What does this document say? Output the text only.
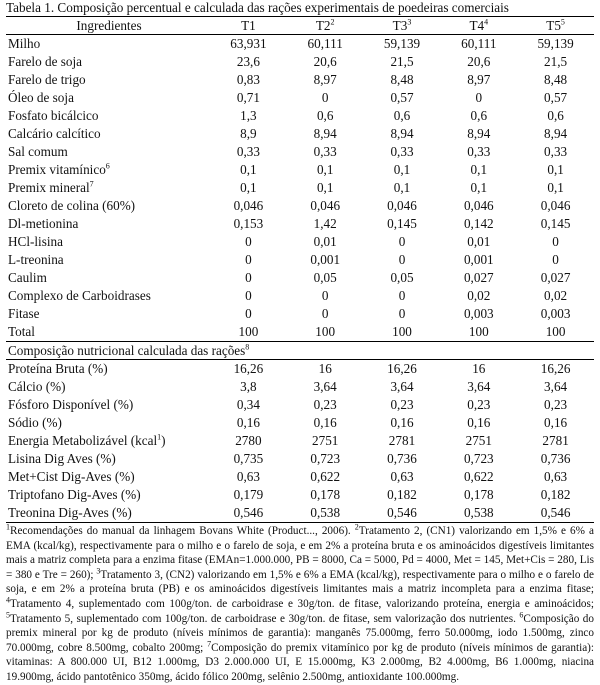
Tabela 1. Composição percentual e calculada das rações experimentais de poedeiras comerciais
Ingredientes	T1	$T2^2$	$T3^3$	$T4^4$	$T5^5$
Milho	63,931	60,111	59,139	60,111	59,139
Farelo de soja	23,6	20,6	21,5	20,6	21,5
Farelo de trigo	0,83	8,97	8,48	8,97	8,48
Óleo de soja	0,71	0	0,57	0	0,57
Fosfato bicálcico	1,3	0,6	0,6	0,6	0,6
Calcário calcítico	8,9	8,94	8,94	8,94	8,94
Sal comum	0,33	0,33	0,33	0,33	0,33
Premix vitamínico$^6$	0,1	0,1	0,1	0,1	0,1
Premix mineral$^7$	0,1	0,1	0,1	0,1	0,1
Cloreto de colina (60%)	0,046	0,046	0,046	0,046	0,046
Dl-metionina	0,153	1,42	0,145	0,142	0,145
HCl-lisina	0	0,01	0	0,01	0
L-treonina	0	0,001	0	0,001	0
Caulim	0	0,05	0,05	0,027	0,027
Complexo de Carboidrases	0	0	0	0,02	0,02
Fitase	0	0	0	0,003	0,003
Total	100	100	100	100	100
Composição nutricional calculada das rações$^8$
Proteína Bruta (%)	16,26	16	16,26	16	16,26
Cálcio (%)	3,8	3,64	3,64	3,64	3,64
Fósforo Disponível (%)	0,34	0,23	0,23	0,23	0,23
Sódio (%)	0,16	0,16	0,16	0,16	0,16
Energia Metabolizável (kcal$^1$)	2780	2751	2781	2751	2781
Lisina Dig Aves (%)	0,735	0,723	0,736	0,723	0,736
Met+Cist Dig-Aves (%)	0,63	0,622	0,63	0,622	0,63
Triptofano Dig-Aves (%)	0,179	0,178	0,182	0,178	0,182
Treonina Dig-Aves (%)	0,546	0,538	0,546	0,538	0,546
$^1$Recomendações do manual da linhagem Bovans White (Product..., 2006). $^2$Tratamento 2, (CN1) valorizando em 1,5% e 6% a EMA (kcal/kg), respectivamente para o milho e o farelo de soja, e em 2% a proteína bruta e os aminoácidos digestíveis limitantes mais a matriz completa para a enzima fitase (EMAn=1.000.000, PB = 8000, Ca = 5000, Pd = 4000, Met = 145, Met+Cis = 280, Lis = 380 e Tre = 260); $^3$Tratamento 3, (CN2) valorizando em 1,5% e 6% a EMA (kcal/kg), respectivamente para o milho e o farelo de soja, e em 2% a proteína bruta (PB) e os aminoácidos digestíveis limitantes mais a matriz incompleta para a enzima fitase; $^4$Tratamento 4, suplementado com 100g/ton. de carboidrase e 30g/ton. de fitase, valorizando proteína, energia e aminoácidos; $^5$Tratamento 5, suplementado com 100g/ton. de carboidrase e 30g/ton. de fitase, sem valorização dos nutrientes. $^6$Composição do premix mineral por kg de produto (níveis mínimos de garantia): manganês 75.000mg, ferro 50.000mg, iodo 1.500mg, zinco 70.000mg, cobre 8.500mg, cobalto 200mg; $^7$Composição do premix vitamínico por kg de produto (níveis mínimos de garantia): vitaminas: A 800.000 UI, B12 1.000mg, D3 2.000.000 UI, E 15.000mg, K3 2.000mg, B2 4.000mg, B6 1.000mg, niacina 19.900mg, ácido pantotênico 350mg, ácido fólico 200mg, selênio 2.500mg, antioxidante 100.000mg.
